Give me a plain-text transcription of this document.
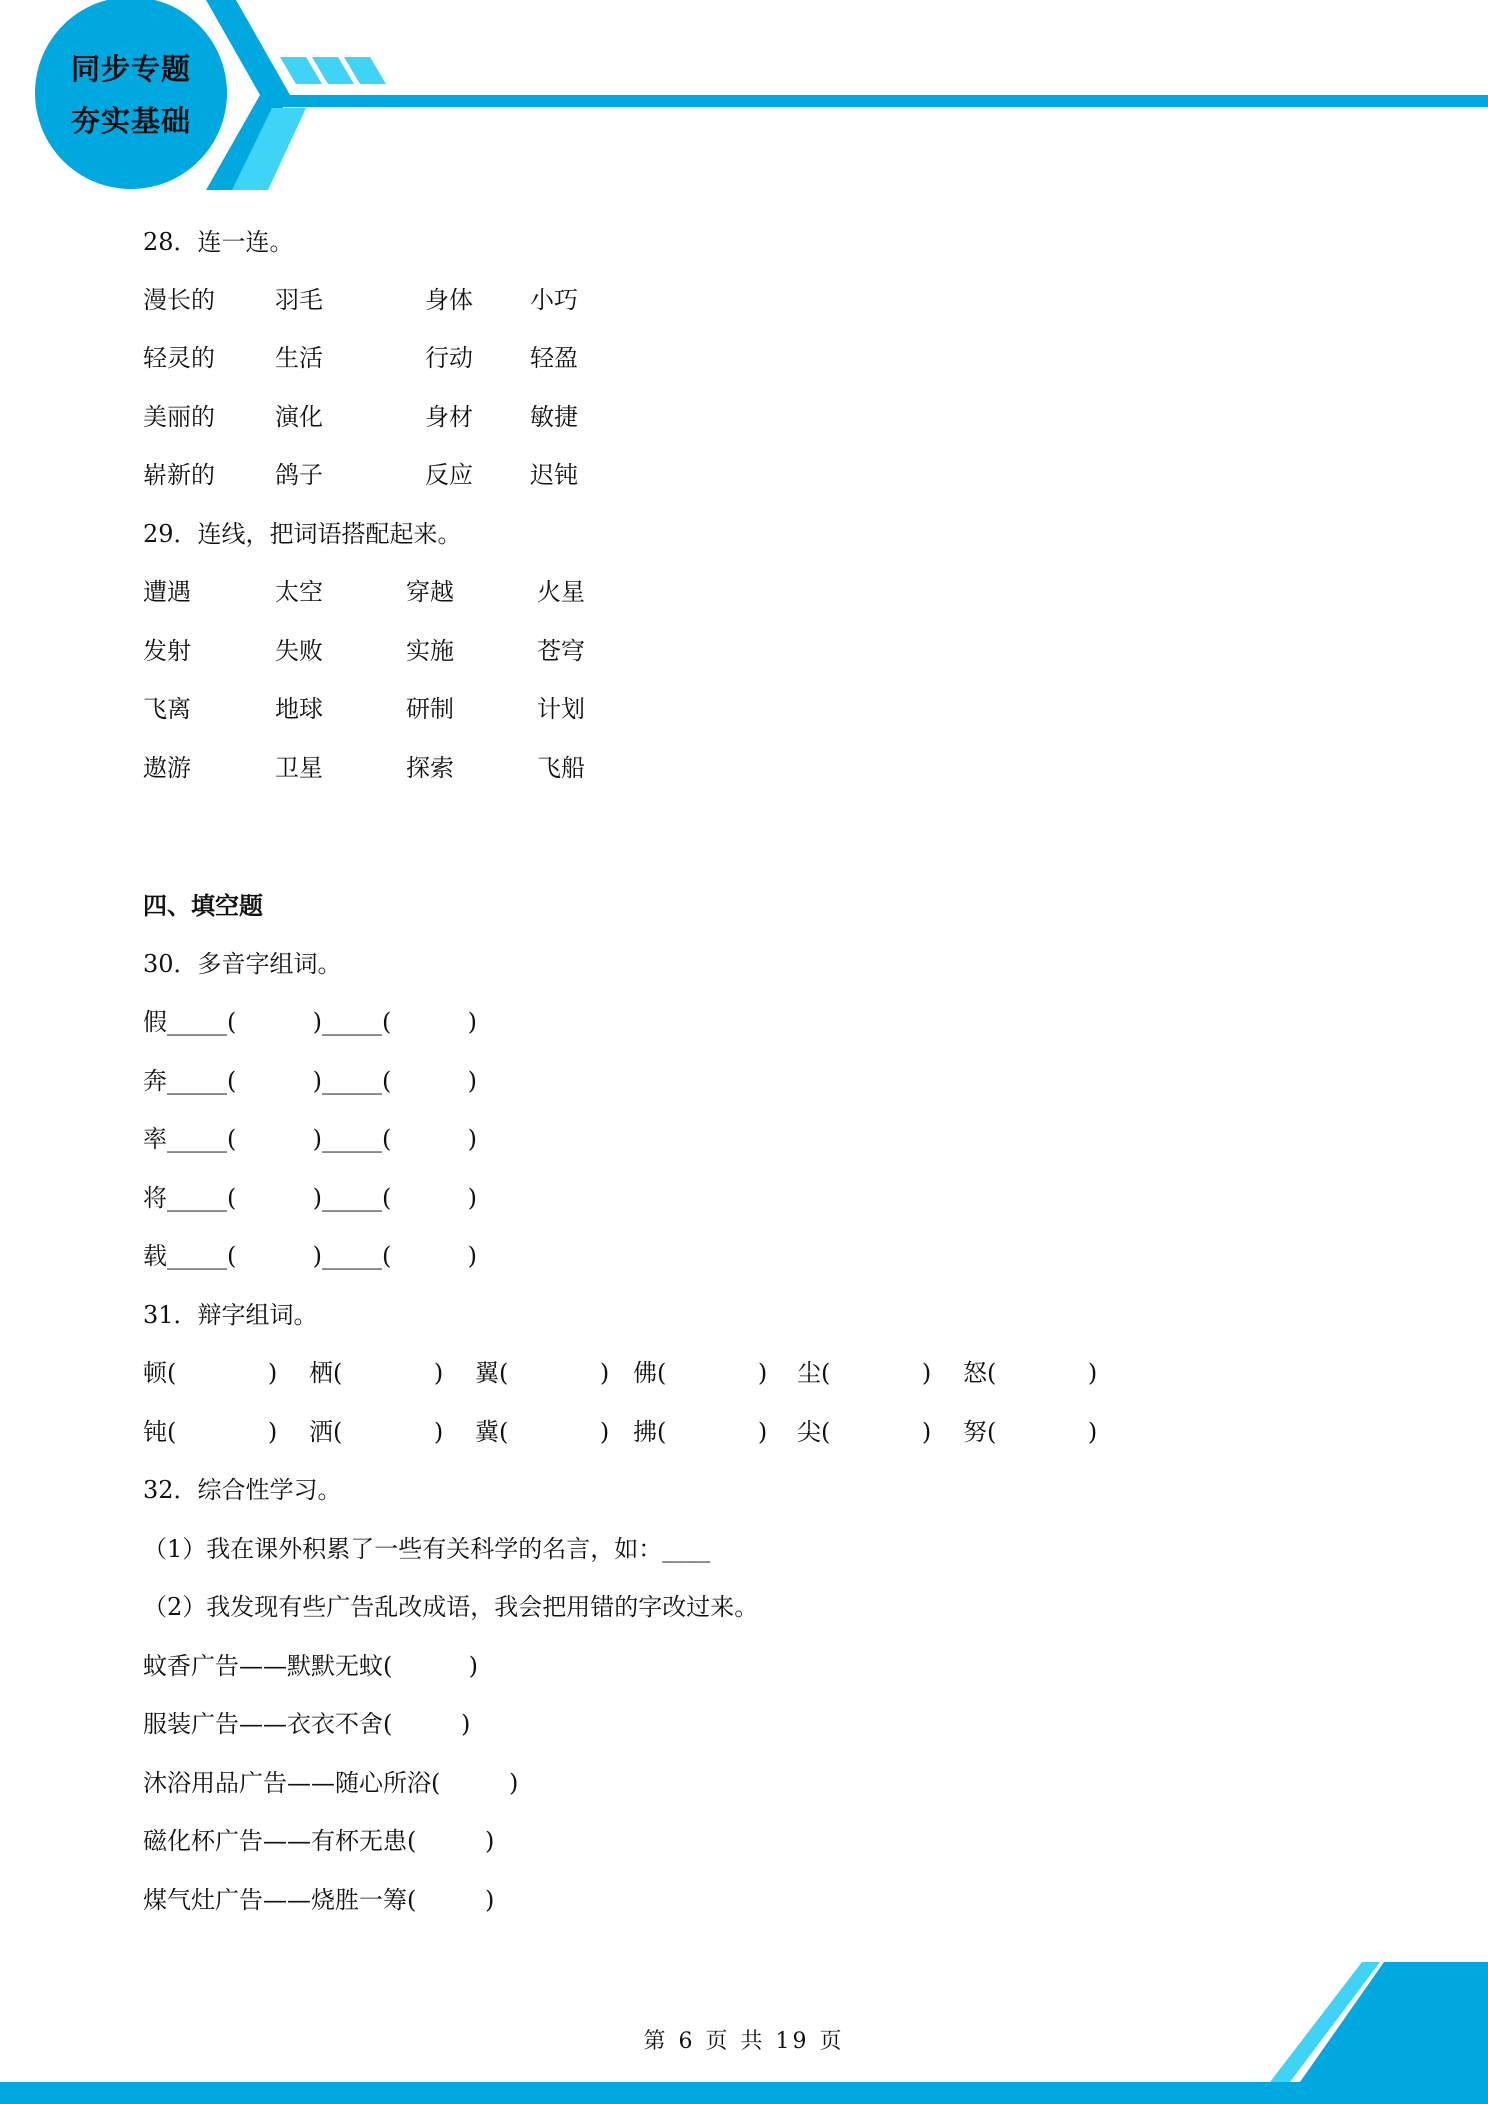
同步专题
夯实基础
28．连一连。
漫长的	羽毛	身体 小巧
轻灵的	生活	行动 轻盈
美丽的	演化	身材 敏捷
崭新的	鸽子	反应 迟钝
29．连线，把词语搭配起来。
遭遇	太空	穿越	火星
发射	失败	实施	苍穹
飞离	地球	研制	计划
遨游	卫星	探索	飞船
四、填空题
30．多音字组词。
假_____(          )_____(          )
奔_____(          )_____(          )
率_____(          )_____(          )
将_____(          )_____(          )
载_____(          )_____(          )
31．辩字组词。
顿(            ) 栖(            ) 翼(            ) 佛(            ) 尘(            ) 怒(            )
钝(            ) 洒(            ) 冀(            ) 拂(            ) 尖(            ) 努(            )
32．综合性学习。
（1）我在课外积累了一些有关科学的名言，如：____
（2）我发现有些广告乱改成语，我会把用错的字改过来。
蚊香广告——默默无蚊(          )
服装广告——衣衣不舍(         )
沐浴用品广告——随心所浴(         )
磁化杯广告——有杯无患(         )
煤气灶广告——烧胜一筹(         )
第 6 页 共 19 页
